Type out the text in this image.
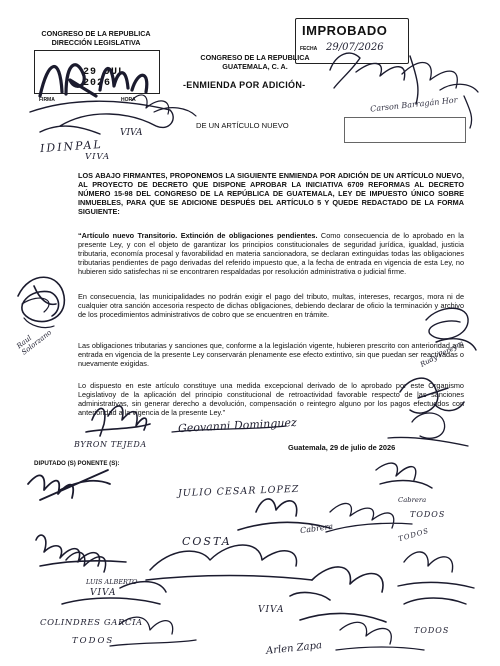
CONGRESO DE LA REPUBLICA
DIRECCIÓN LEGISLATIVA
29 JUL 2026
FIRMA	HORA
CONGRESO DE LA REPUBLICA
GUATEMALA, C. A.
IMPROBADO
FECHA 29/07/2026
-ENMIENDA POR ADICIÓN-
Carson Barragán Hor
DE UN ARTÍCULO NUEVO
LOS ABAJO FIRMANTES, PROPONEMOS LA SIGUIENTE ENMIENDA POR ADICIÓN DE UN ARTÍCULO NUEVO, AL PROYECTO DE DECRETO QUE DISPONE APROBAR LA INICIATIVA 6709 REFORMAS AL DECRETO NÚMERO 15-98 DEL CONGRESO DE LA REPÚBLICA DE GUATEMALA, LEY DE IMPUESTO ÚNICO SOBRE INMUEBLES, PARA QUE SE ADICIONE DESPUÉS DEL ARTÍCULO 5 Y QUEDE REDACTADO DE LA FORMA SIGUIENTE:
“Artículo nuevo Transitorio. Extinción de obligaciones pendientes. Como consecuencia de lo aprobado en la presente Ley, y con el objeto de garantizar los principios constitucionales de seguridad jurídica, igualdad, justicia tributaria, economía procesal y favorabilidad en materia sancionadora, se declaran extinguidas todas las obligaciones tributarias pendientes de pago derivadas del referido impuesto que, a la fecha de entrada en vigencia de esta Ley, no hubieren sido satisfechas ni se encontraren respaldadas por resolución administrativa o judicial firme.
En consecuencia, las municipalidades no podrán exigir el pago del tributo, multas, intereses, recargos, mora ni de cualquier otra sanción accesoria respecto de dichas obligaciones, debiendo declarar de oficio la terminación y archivo de los procedimientos administrativos de cobro que se encuentren en trámite.
Las obligaciones tributarias y sanciones que, conforme a la legislación vigente, hubieren prescrito con anterioridad a la entrada en vigencia de la presente Ley conservarán plenamente ese efecto extintivo, sin que puedan ser reactivadas o nuevamente exigidas.
Lo dispuesto en este artículo constituye una medida excepcional derivado de lo aprobado por este Organismo Legislativoy de la aplicación del principio constitucional de retroactividad favorable respecto de las sanciones administrativas, sin generar derecho a devolución, compensación o reintegro alguno por los pagos efectuados con anterioridad a la vigencia de la presente Ley.”
Guatemala, 29 de julio de 2026
DIPUTADO (S) PONENTE (S):
VIVA
IDINPAL
VIVA
BYRON TEJEDA
Geovanni Dominguez
Rudy Pereyra
Raul Solorzano
JULIO CESAR LOPEZ
Cabrera
TODOS
TODOS
COSTA
VIVA
COLINDRES GARCIA
TODOS	Arlen Zapa
VIVA
LUIS ALBERTO
TODOS
Cabrera
